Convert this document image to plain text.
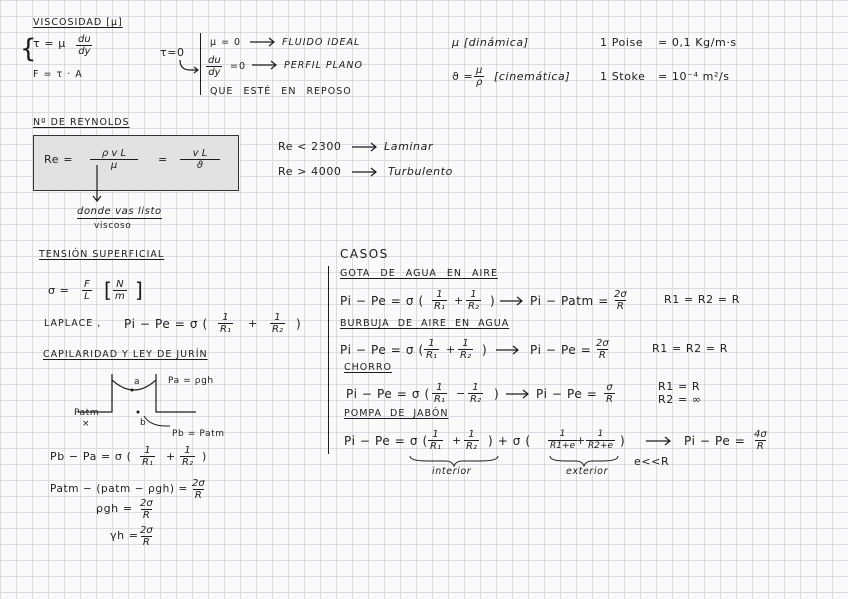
VISCOSIDAD [μ]
{
τ = μ $\frac{du}{dy}$
F = τ · A
τ=0
μ = 0	FLUIDO IDEAL
$\frac{du}{dy} =0$	PERFIL PLANO
QUE ESTÉ EN REPOSO
μ [dinámica]	1 Poise = 0,1 Kg/m·s
$ϑ = \frac{\mu}{\rho}$ [cinemática]	1 Stoke = 10⁻⁴ m²/s
Nº DE REYNOLDS
$Re = \frac{\text{ρ v L}}{\mu} = \frac{\text{v L}}{ϑ}$
donde vas listo
viscoso
Re < 2300	Laminar
Re > 4000	Turbulento
TENSIÓN SUPERFICIAL
$\sigma = \frac{F}{L}$ [ $\frac{N}{m}$ ]
LAPLACE , Pi − Pe = σ ( $\frac{1}{\text{R₁}} + \frac{1}{\text{R₂}}$ )
CAPILARIDAD Y LEY DE JURÍN
a	Pa = ρgh
Patm
×	b
Pb = Patm
Pb − Pa = σ ( $\frac{1}{\text{R₁}} + \frac{1}{\text{R₂}}$ )
Patm − (patm − $\rho gh) = \frac{2\sigma}{R}$
$\rho gh = \frac{2\sigma}{R}$
$\gamma h = \frac{2\sigma}{R}$
CASOS
GOTA DE AGUA EN AIRE
Pi − Pe = σ ( $\frac{1}{\text{R₁}} + \frac{1}{\text{R₂}}$ )	Pi − Patm = $\frac{2\sigma}{R}$	R1 = R2 = R
BURBUJA DE AIRE EN AGUA
Pi − Pe = σ ( $\frac{1}{\text{R₁}} + \frac{1}{\text{R₂}}$ )	$Pi - Pe = \frac{2\sigma}{R}$	R1 = R2 = R
CHORRO
Pi − Pe = σ ( $\frac{1}{\text{R₁}} - \frac{1}{\text{R₂}}$ )	$Pi - Pe = \frac{\sigma}{R}$	R1 = R
R2 = ∞
POMPA DE JABÓN
Pi − Pe = σ ( $\frac{1}{\text{R₁}} + \frac{1}{\text{R₂}}$ ) + σ ( $\frac{1}{R1+e}$
+ $\frac{1}{R2+e}$ )	$Pi - Pe = \frac{4\sigma}{R}$
interior	exterior
e<<R
